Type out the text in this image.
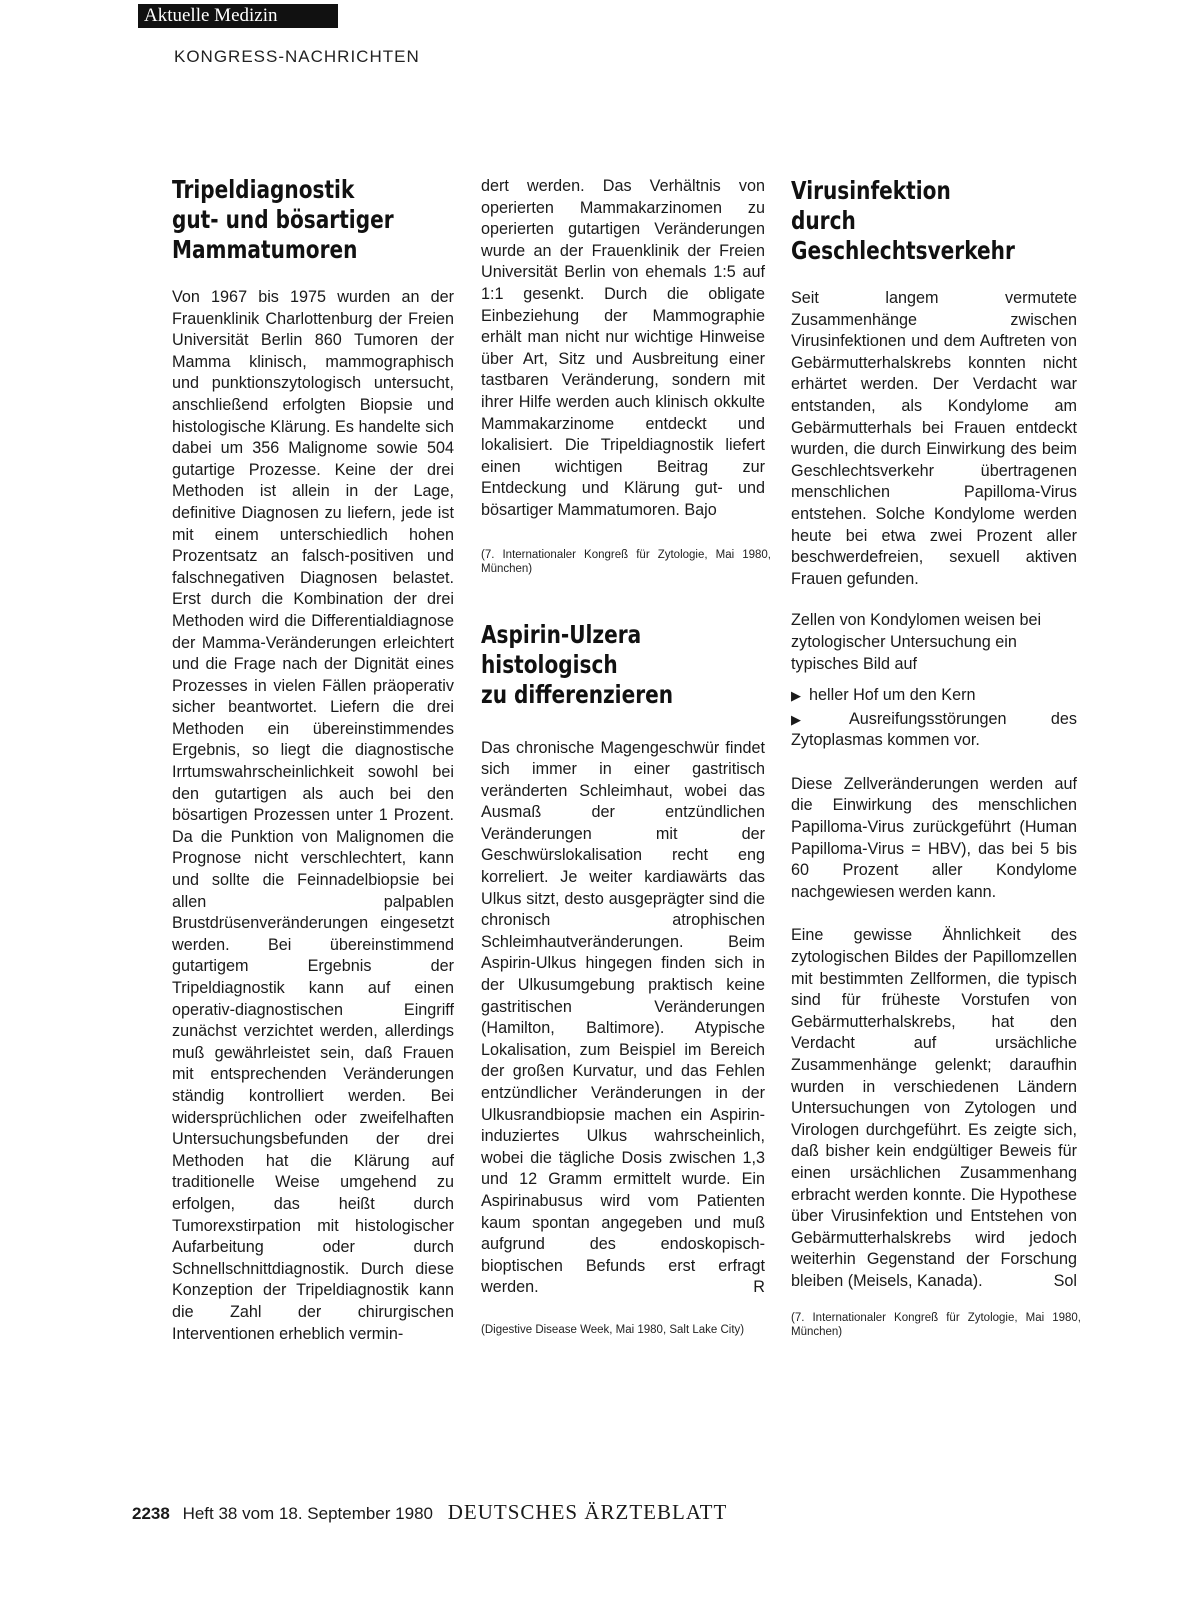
Aktuelle Medizin
KONGRESS-NACHRICHTEN
Tripeldiagnostik
gut- und bösartiger
Mammatumoren

Von 1967 bis 1975 wurden an der Frauenklinik Charlottenburg der Freien Universität Berlin 860 Tumoren der Mamma klinisch, mammographisch und punktionszytologisch untersucht, anschließend erfolgten Biopsie und histologische Klärung. Es handelte sich dabei um 356 Malignome sowie 504 gutartige Prozesse. Keine der drei Methoden ist allein in der Lage, definitive Diagnosen zu liefern, jede ist mit einem unterschiedlich hohen Prozentsatz an falsch-positiven und falschnegativen Diagnosen belastet. Erst durch die Kombination der drei Methoden wird die Differentialdiagnose der Mamma-Veränderungen erleichtert und die Frage nach der Dignität eines Prozesses in vielen Fällen präoperativ sicher beantwortet. Liefern die drei Methoden ein übereinstimmendes Ergebnis, so liegt die diagnostische Irrtumswahrscheinlichkeit sowohl bei den gutartigen als auch bei den bösartigen Prozessen unter 1 Prozent. Da die Punktion von Malignomen die Prognose nicht verschlechtert, kann und sollte die Feinnadelbiopsie bei allen palpablen Brustdrüsenveränderungen eingesetzt werden. Bei übereinstimmend gutartigem Ergebnis der Tripeldiagnostik kann auf einen operativ-diagnostischen Eingriff zunächst verzichtet werden, allerdings muß gewährleistet sein, daß Frauen mit entsprechenden Veränderungen ständig kontrolliert werden. Bei widersprüchlichen oder zweifelhaften Untersuchungsbefunden der drei Methoden hat die Klärung auf traditionelle Weise umgehend zu erfolgen, das heißt durch Tumorexstirpation mit histologischer Aufarbeitung oder durch Schnellschnittdiagnostik. Durch diese Konzeption der Tripeldiagnostik kann die Zahl der chirurgischen Interventionen erheblich vermin-

dert werden. Das Verhältnis von operierten Mammakarzinomen zu operierten gutartigen Veränderungen wurde an der Frauenklinik der Freien Universität Berlin von ehemals 1:5 auf 1:1 gesenkt. Durch die obligate Einbeziehung der Mammographie erhält man nicht nur wichtige Hinweise über Art, Sitz und Ausbreitung einer tastbaren Veränderung, sondern mit ihrer Hilfe werden auch klinisch okkulte Mammakarzinome entdeckt und lokalisiert. Die Tripeldiagnostik liefert einen wichtigen Beitrag zur Entdeckung und Klärung gut- und bösartiger Mammatumoren. Bajo

(7. Internationaler Kongreß für Zytologie, Mai 1980, München)

Aspirin-Ulzera
histologisch
zu differenzieren

Das chronische Magengeschwür findet sich immer in einer gastritisch veränderten Schleimhaut, wobei das Ausmaß der entzündlichen Veränderungen mit der Geschwürslokalisation recht eng korreliert. Je weiter kardiawärts das Ulkus sitzt, desto ausgeprägter sind die chronisch atrophischen Schleimhautveränderungen. Beim Aspirin-Ulkus hingegen finden sich in der Ulkusumgebung praktisch keine gastritischen Veränderungen (Hamilton, Baltimore). Atypische Lokalisation, zum Beispiel im Bereich der großen Kurvatur, und das Fehlen entzündlicher Veränderungen in der Ulkusrandbiopsie machen ein Aspirin-induziertes Ulkus wahrscheinlich, wobei die tägliche Dosis zwischen 1,3 und 12 Gramm ermittelt wurde. Ein Aspirinabusus wird vom Patienten kaum spontan angegeben und muß aufgrund des endoskopisch-bioptischen Befunds erst erfragt werden.	R

(Digestive Disease Week, Mai 1980, Salt Lake City)

Virusinfektion
durch
Geschlechtsverkehr

Seit langem vermutete Zusammenhänge zwischen Virusinfektionen und dem Auftreten von Gebärmutterhalskrebs konnten nicht erhärtet werden. Der Verdacht war entstanden, als Kondylome am Gebärmutterhals bei Frauen entdeckt wurden, die durch Einwirkung des beim Geschlechtsverkehr übertragenen menschlichen Papilloma-Virus entstehen. Solche Kondylome werden heute bei etwa zwei Prozent aller beschwerdefreien, sexuell aktiven Frauen gefunden.

Zellen von Kondylomen weisen bei zytologischer Untersuchung ein typisches Bild auf

▶ heller Hof um den Kern

▶ Ausreifungsstörungen des Zytoplasmas kommen vor.

Diese Zellveränderungen werden auf die Einwirkung des menschlichen Papilloma-Virus zurückgeführt (Human Papilloma-Virus = HBV), das bei 5 bis 60 Prozent aller Kondylome nachgewiesen werden kann.

Eine gewisse Ähnlichkeit des zytologischen Bildes der Papillomzellen mit bestimmten Zellformen, die typisch sind für früheste Vorstufen von Gebärmutterhalskrebs, hat den Verdacht auf ursächliche Zusammenhänge gelenkt; daraufhin wurden in verschiedenen Ländern Untersuchungen von Zytologen und Virologen durchgeführt. Es zeigte sich, daß bisher kein endgültiger Beweis für einen ursächlichen Zusammenhang erbracht werden konnte. Die Hypothese über Virusinfektion und Entstehen von Gebärmutterhalskrebs wird jedoch weiterhin Gegenstand der Forschung bleiben (Meisels, Kanada).	Sol

(7. Internationaler Kongreß für Zytologie, Mai 1980, München)

2238 Heft 38 vom 18. September 1980 DEUTSCHES ÄRZTEBLATT
